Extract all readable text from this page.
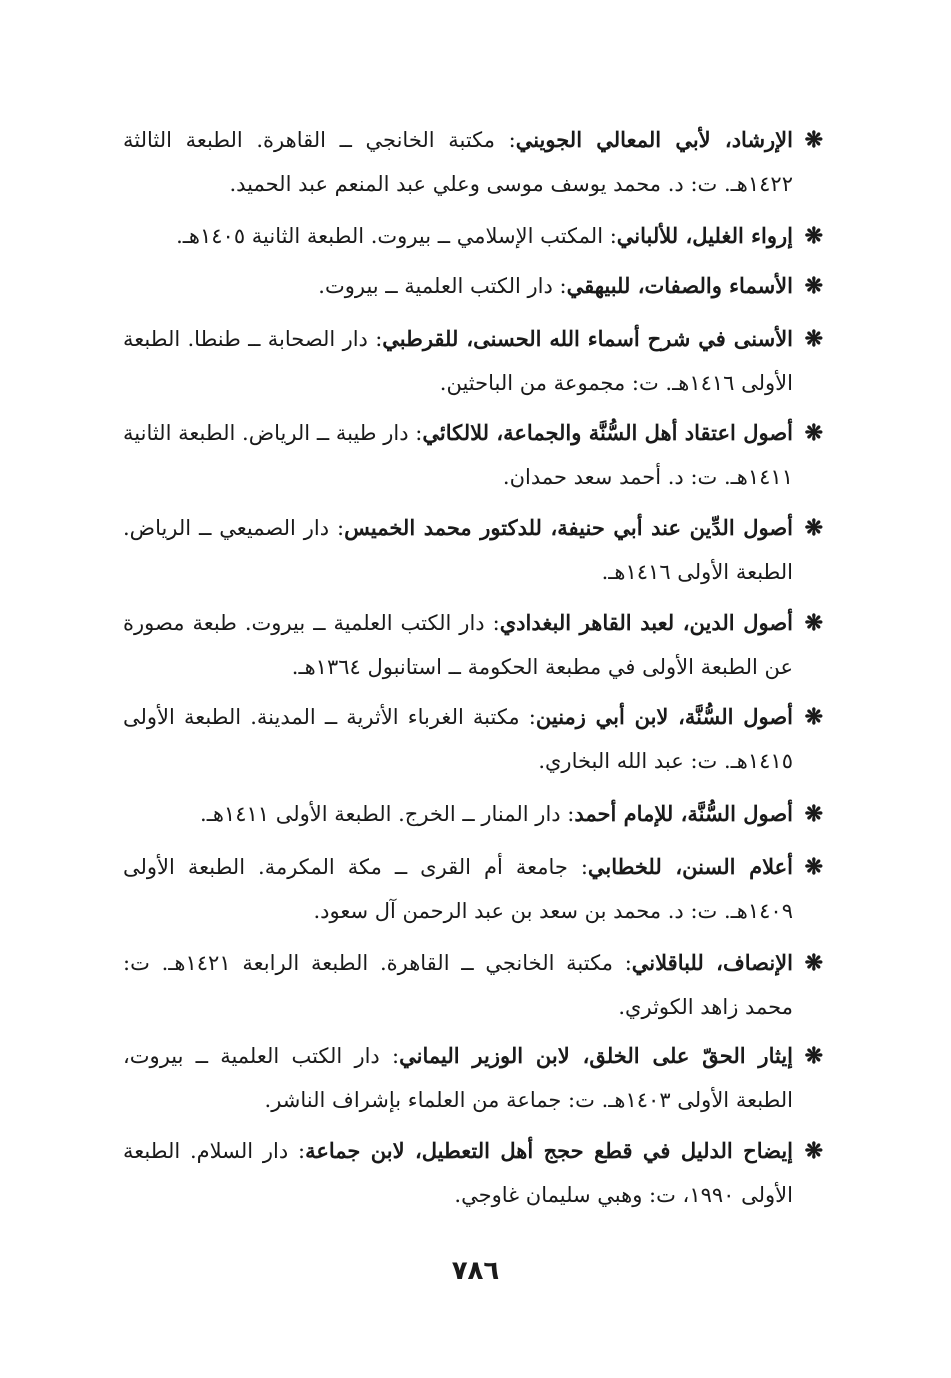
❋
الإرشاد، لأبي المعالي الجويني: مكتبة الخانجي ــ القاهرة. الطبعة الثالثة ١٤٢٢هـ. ت: د. محمد يوسف موسى وعلي عبد المنعم عبد الحميد.
❋
إرواء الغليل، للألباني: المكتب الإسلامي ــ بيروت. الطبعة الثانية ١٤٠٥هـ.
❋
الأسماء والصفات، للبيهقي: دار الكتب العلمية ــ بيروت.
❋
الأسنى في شرح أسماء الله الحسنى، للقرطبي: دار الصحابة ــ طنطا. الطبعة الأولى ١٤١٦هـ. ت: مجموعة من الباحثين.
❋
أصول اعتقاد أهل السُّنَّة والجماعة، للالكائي: دار طيبة ــ الرياض. الطبعة الثانية ١٤١١هـ. ت: د. أحمد سعد حمدان.
❋
أصول الدِّين عند أبي حنيفة، للدكتور محمد الخميس: دار الصميعي ــ الرياض. الطبعة الأولى ١٤١٦هـ.
❋
أصول الدين، لعبد القاهر البغدادي: دار الكتب العلمية ــ بيروت. طبعة مصورة عن الطبعة الأولى في مطبعة الحكومة ــ استانبول ١٣٦٤هـ.
❋
أصول السُّنَّة، لابن أبي زمنين: مكتبة الغرباء الأثرية ــ المدينة. الطبعة الأولى ١٤١٥هـ. ت: عبد الله البخاري.
❋
أصول السُّنَّة، للإمام أحمد: دار المنار ــ الخرج. الطبعة الأولى ١٤١١هـ.
❋
أعلام السنن، للخطابي: جامعة أم القرى ــ مكة المكرمة. الطبعة الأولى ١٤٠٩هـ. ت: د. محمد بن سعد بن عبد الرحمن آل سعود.
❋
الإنصاف، للباقلاني: مكتبة الخانجي ــ القاهرة. الطبعة الرابعة ١٤٢١هـ. ت: محمد زاهد الكوثري.
❋
إيثار الحقّ على الخلق، لابن الوزير اليماني: دار الكتب العلمية ــ بيروت، الطبعة الأولى ١٤٠٣هـ. ت: جماعة من العلماء بإشراف الناشر.
❋
إيضاح الدليل في قطع حجج أهل التعطيل، لابن جماعة: دار السلام. الطبعة الأولى ١٩٩٠، ت: وهبي سليمان غاوجي.
٧٨٦
